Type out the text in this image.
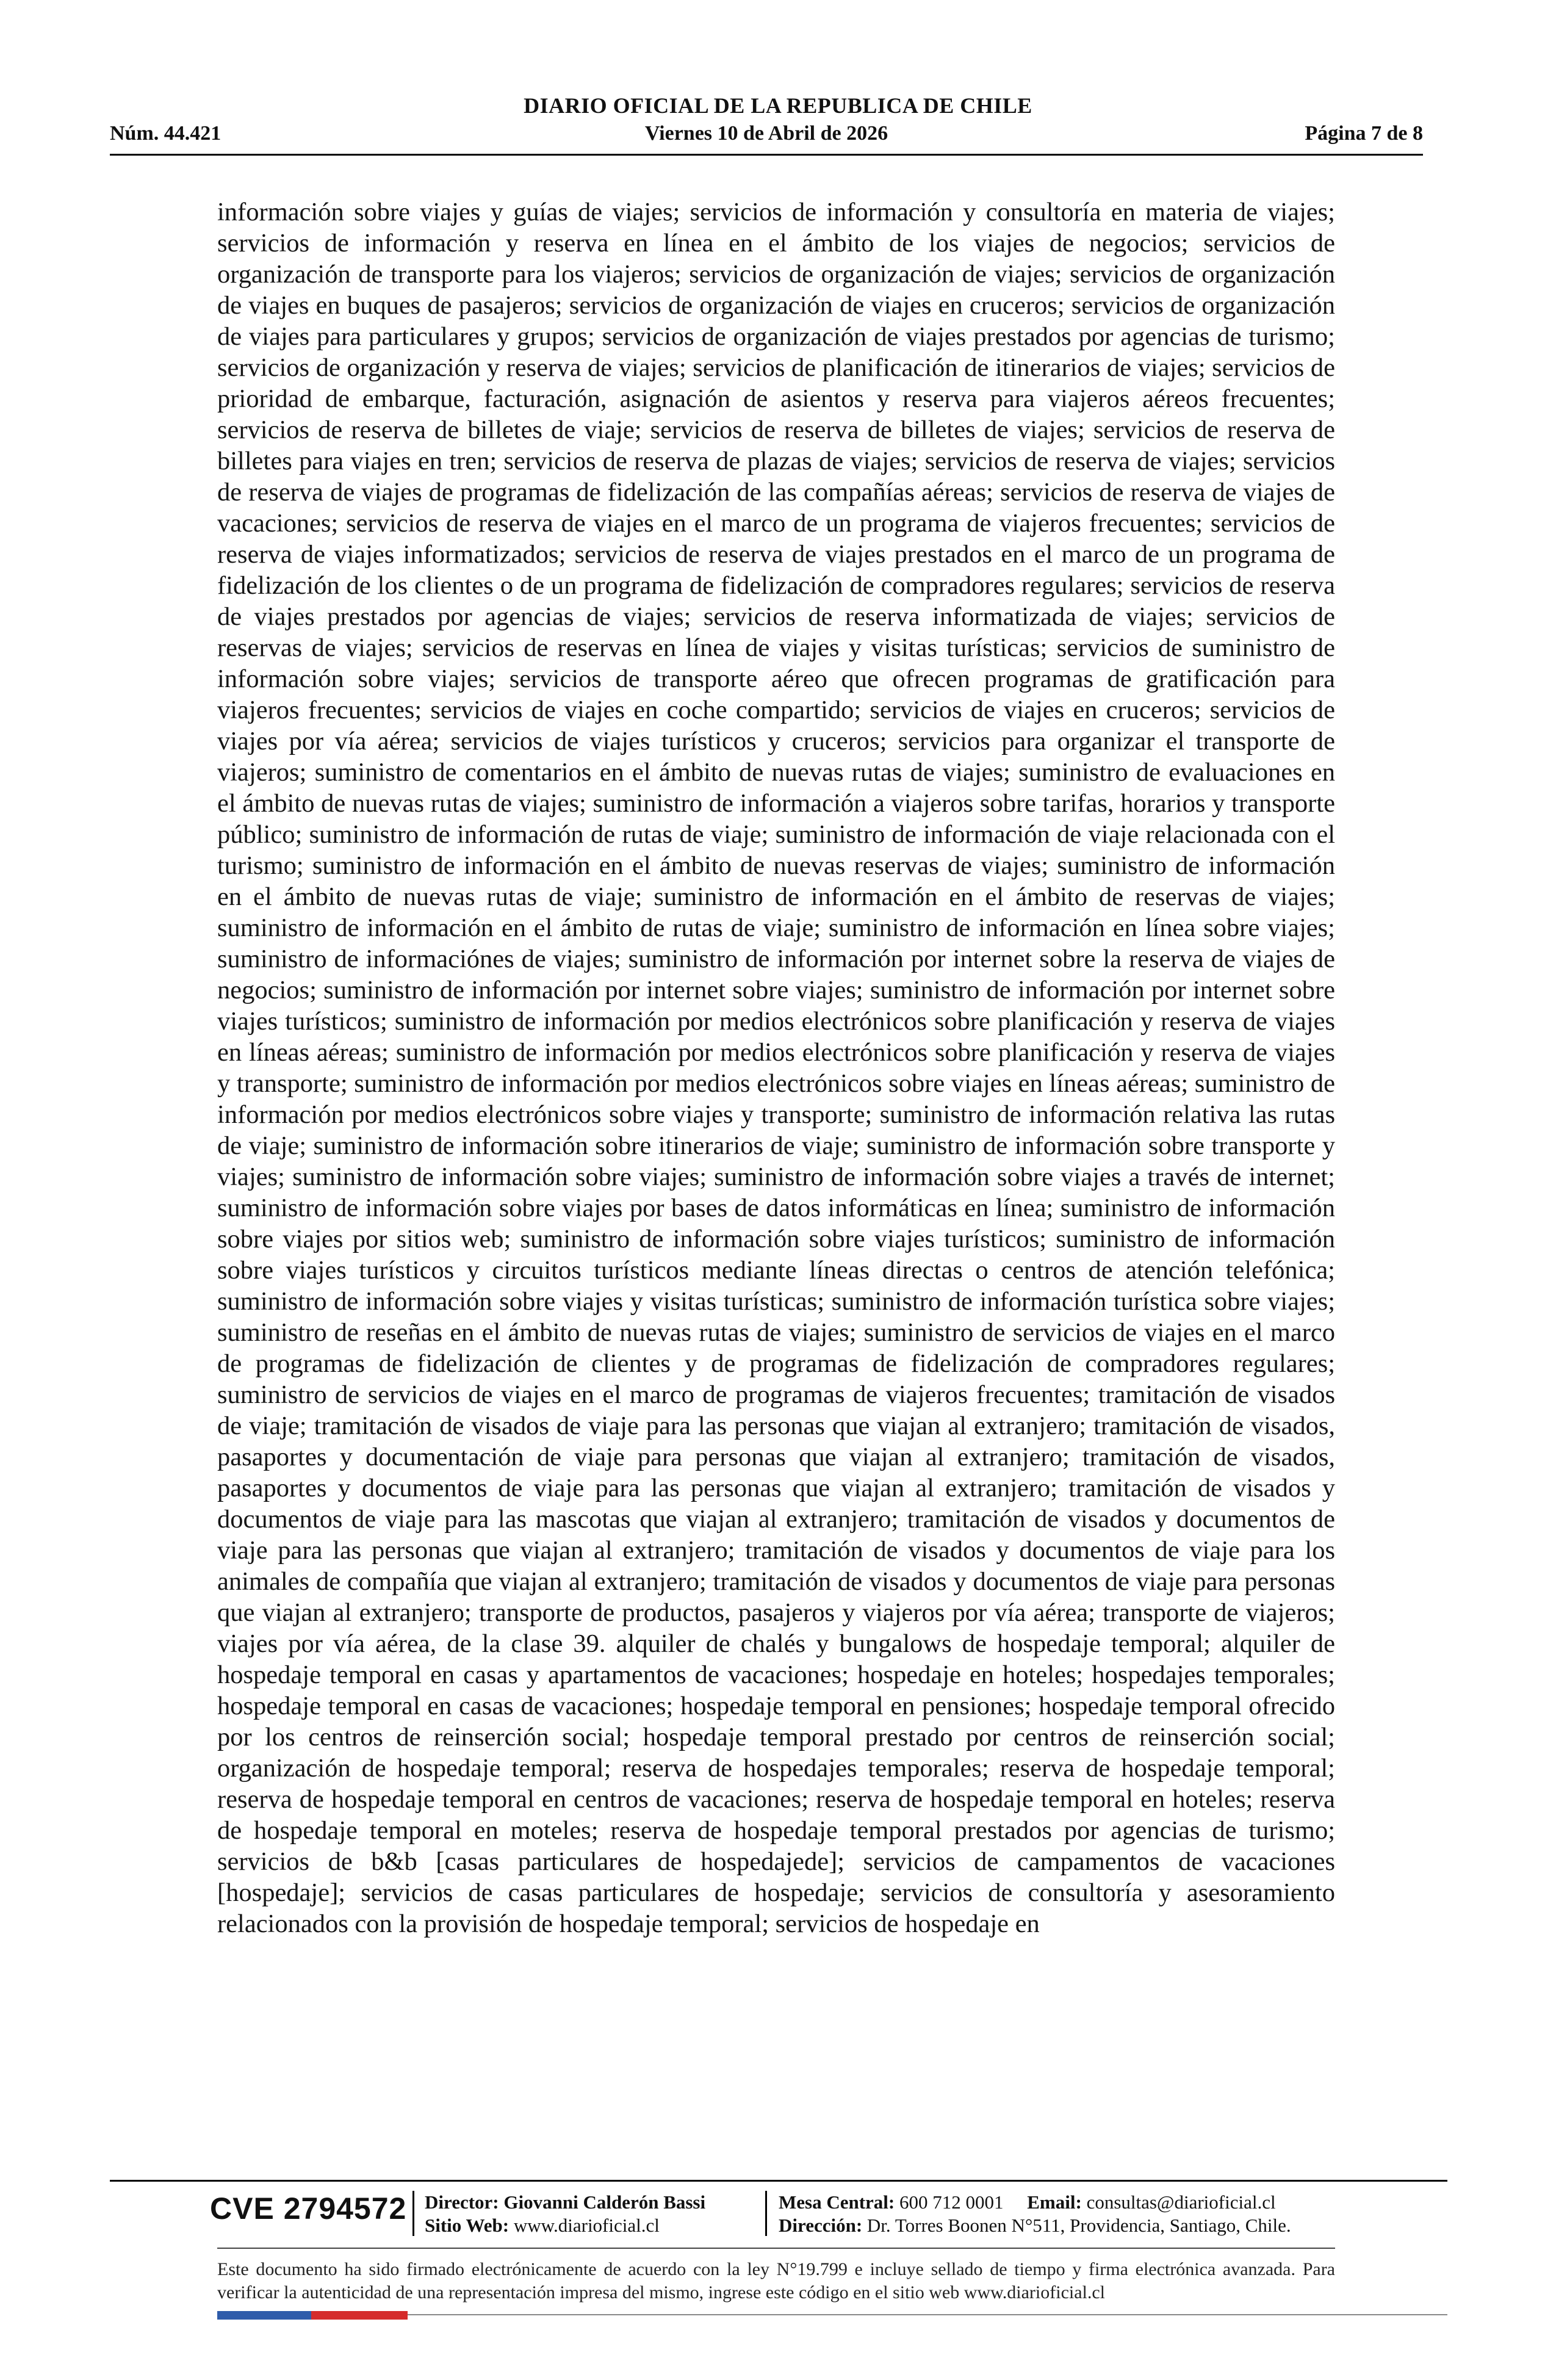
DIARIO OFICIAL DE LA REPUBLICA DE CHILE
Viernes 10 de Abril de 2026
Núm. 44.421	Página 7 de 8
información sobre viajes y guías de viajes; servicios de información y consultoría en materia de viajes; servicios de información y reserva en línea en el ámbito de los viajes de negocios; servicios de organización de transporte para los viajeros; servicios de organización de viajes; servicios de organización de viajes en buques de pasajeros; servicios de organización de viajes en cruceros; servicios de organización de viajes para particulares y grupos; servicios de organización de viajes prestados por agencias de turismo; servicios de organización y reserva de viajes; servicios de planificación de itinerarios de viajes; servicios de prioridad de embarque, facturación, asignación de asientos y reserva para viajeros aéreos frecuentes; servicios de reserva de billetes de viaje; servicios de reserva de billetes de viajes; servicios de reserva de billetes para viajes en tren; servicios de reserva de plazas de viajes; servicios de reserva de viajes; servicios de reserva de viajes de programas de fidelización de las compañías aéreas; servicios de reserva de viajes de vacaciones; servicios de reserva de viajes en el marco de un programa de viajeros frecuentes; servicios de reserva de viajes informatizados; servicios de reserva de viajes prestados en el marco de un programa de fidelización de los clientes o de un programa de fidelización de compradores regulares; servicios de reserva de viajes prestados por agencias de viajes; servicios de reserva informatizada de viajes; servicios de reservas de viajes; servicios de reservas en línea de viajes y visitas turísticas; servicios de suministro de información sobre viajes; servicios de transporte aéreo que ofrecen programas de gratificación para viajeros frecuentes; servicios de viajes en coche compartido; servicios de viajes en cruceros; servicios de viajes por vía aérea; servicios de viajes turísticos y cruceros; servicios para organizar el transporte de viajeros; suministro de comentarios en el ámbito de nuevas rutas de viajes; suministro de evaluaciones en el ámbito de nuevas rutas de viajes; suministro de información a viajeros sobre tarifas, horarios y transporte público; suministro de información de rutas de viaje; suministro de información de viaje relacionada con el turismo; suministro de información en el ámbito de nuevas reservas de viajes; suministro de información en el ámbito de nuevas rutas de viaje; suministro de información en el ámbito de reservas de viajes; suministro de información en el ámbito de rutas de viaje; suministro de información en línea sobre viajes; suministro de informaciónes de viajes; suministro de información por internet sobre la reserva de viajes de negocios; suministro de información por internet sobre viajes; suministro de información por internet sobre viajes turísticos; suministro de información por medios electrónicos sobre planificación y reserva de viajes en líneas aéreas; suministro de información por medios electrónicos sobre planificación y reserva de viajes y transporte; suministro de información por medios electrónicos sobre viajes en líneas aéreas; suministro de información por medios electrónicos sobre viajes y transporte; suministro de información relativa las rutas de viaje; suministro de información sobre itinerarios de viaje; suministro de información sobre transporte y viajes; suministro de información sobre viajes; suministro de información sobre viajes a través de internet; suministro de información sobre viajes por bases de datos informáticas en línea; suministro de información sobre viajes por sitios web; suministro de información sobre viajes turísticos; suministro de información sobre viajes turísticos y circuitos turísticos mediante líneas directas o centros de atención telefónica; suministro de información sobre viajes y visitas turísticas; suministro de información turística sobre viajes; suministro de reseñas en el ámbito de nuevas rutas de viajes; suministro de servicios de viajes en el marco de programas de fidelización de clientes y de programas de fidelización de compradores regulares; suministro de servicios de viajes en el marco de programas de viajeros frecuentes; tramitación de visados de viaje; tramitación de visados de viaje para las personas que viajan al extranjero; tramitación de visados, pasaportes y documentación de viaje para personas que viajan al extranjero; tramitación de visados, pasaportes y documentos de viaje para las personas que viajan al extranjero; tramitación de visados y documentos de viaje para las mascotas que viajan al extranjero; tramitación de visados y documentos de viaje para las personas que viajan al extranjero; tramitación de visados y documentos de viaje para los animales de compañía que viajan al extranjero; tramitación de visados y documentos de viaje para personas que viajan al extranjero; transporte de productos, pasajeros y viajeros por vía aérea; transporte de viajeros; viajes por vía aérea, de la clase 39. alquiler de chalés y bungalows de hospedaje temporal; alquiler de hospedaje temporal en casas y apartamentos de vacaciones; hospedaje en hoteles; hospedajes temporales; hospedaje temporal en casas de vacaciones; hospedaje temporal en pensiones; hospedaje temporal ofrecido por los centros de reinserción social; hospedaje temporal prestado por centros de reinserción social; organización de hospedaje temporal; reserva de hospedajes temporales; reserva de hospedaje temporal; reserva de hospedaje temporal en centros de vacaciones; reserva de hospedaje temporal en hoteles; reserva de hospedaje temporal en moteles; reserva de hospedaje temporal prestados por agencias de turismo; servicios de b&b [casas particulares de hospedajede]; servicios de campamentos de vacaciones [hospedaje]; servicios de casas particulares de hospedaje; servicios de consultoría y asesoramiento relacionados con la provisión de hospedaje temporal; servicios de hospedaje en
CVE 2794572 Director: Giovanni Calderón Bassi
Sitio Web: www.diarioficial.cl
Mesa Central: 600 712 0001 Email: consultas@diarioficial.cl
Dirección: Dr. Torres Boonen N°511, Providencia, Santiago, Chile.
Este documento ha sido firmado electrónicamente de acuerdo con la ley N°19.799 e incluye sellado de tiempo y firma electrónica avanzada. Para verificar la autenticidad de una representación impresa del mismo, ingrese este código en el sitio web www.diarioficial.cl
